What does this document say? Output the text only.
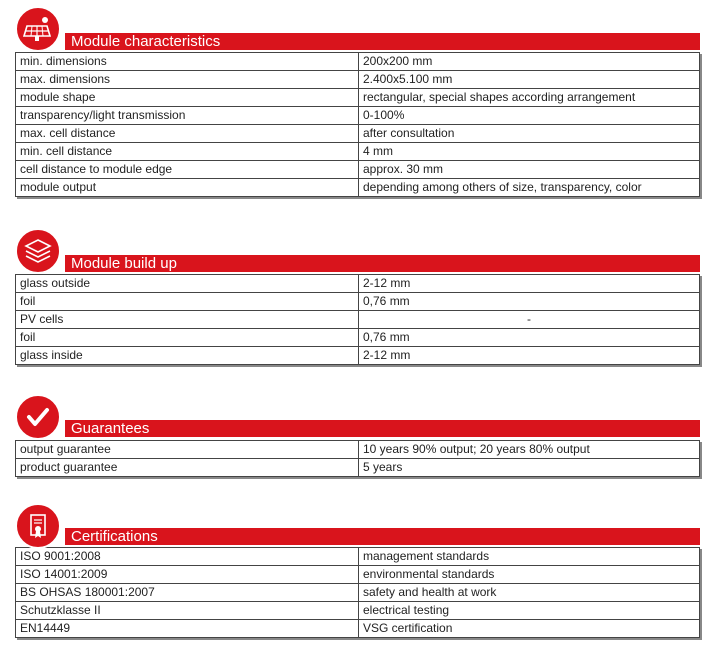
Module characteristics
min. dimensions	200x200 mm
max. dimensions	2.400x5.100 mm
module shape	rectangular, special shapes according arrangement
transparency/light transmission	0-100%
max. cell distance	after consultation
min. cell distance	4 mm
cell distance to module edge	approx. 30 mm
module output	depending among others of size, transparency, color
Module build up
glass outside	2-12 mm
foil	0,76 mm
PV cells	-
foil	0,76 mm
glass inside	2-12 mm
Guarantees
output guarantee	10 years 90% output; 20 years 80% output
product guarantee	5 years
Certifications
ISO 9001:2008	management standards
ISO 14001:2009	environmental standards
BS OHSAS 180001:2007	safety and health at work
Schutzklasse II	electrical testing
EN14449	VSG certification
